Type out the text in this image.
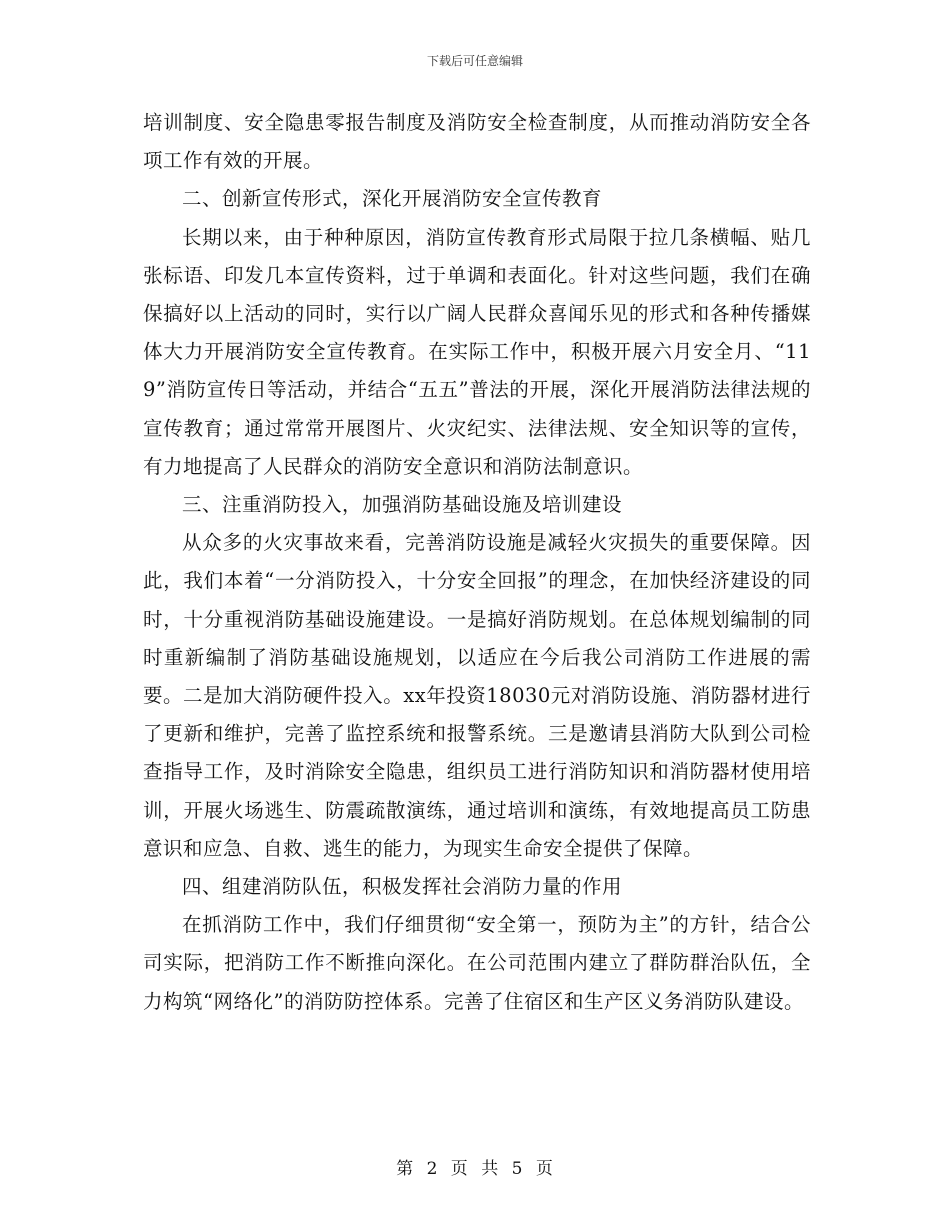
下载后可任意编辑

培训制度、安全隐患零报告制度及消防安全检查制度，从而推动消防安全各项工作有效的开展。

二、创新宣传形式，深化开展消防安全宣传教育

长期以来，由于种种原因，消防宣传教育形式局限于拉几条横幅、贴几张标语、印发几本宣传资料，过于单调和表面化。针对这些问题，我们在确保搞好以上活动的同时，实行以广阔人民群众喜闻乐见的形式和各种传播媒体大力开展消防安全宣传教育。在实际工作中，积极开展六月安全月、“119”消防宣传日等活动，并结合“五五”普法的开展，深化开展消防法律法规的宣传教育；通过常常开展图片、火灾纪实、法律法规、安全知识等的宣传，有力地提高了人民群众的消防安全意识和消防法制意识。

三、注重消防投入，加强消防基础设施及培训建设

从众多的火灾事故来看，完善消防设施是减轻火灾损失的重要保障。因此，我们本着“一分消防投入，十分安全回报”的理念，在加快经济建设的同时，十分重视消防基础设施建设。一是搞好消防规划。在总体规划编制的同时重新编制了消防基础设施规划，以适应在今后我公司消防工作进展的需要。二是加大消防硬件投入。xx年投资18030元对消防设施、消防器材进行了更新和维护，完善了监控系统和报警系统。三是邀请县消防大队到公司检查指导工作，及时消除安全隐患，组织员工进行消防知识和消防器材使用培训，开展火场逃生、防震疏散演练，通过培训和演练，有效地提高员工防患意识和应急、自救、逃生的能力，为现实生命安全提供了保障。

四、组建消防队伍，积极发挥社会消防力量的作用

在抓消防工作中，我们仔细贯彻“安全第一，预防为主”的方针，结合公司实际，把消防工作不断推向深化。在公司范围内建立了群防群治队伍，全力构筑“网络化”的消防防控体系。完善了住宿区和生产区义务消防队建设。

第 2 页 共 5 页
